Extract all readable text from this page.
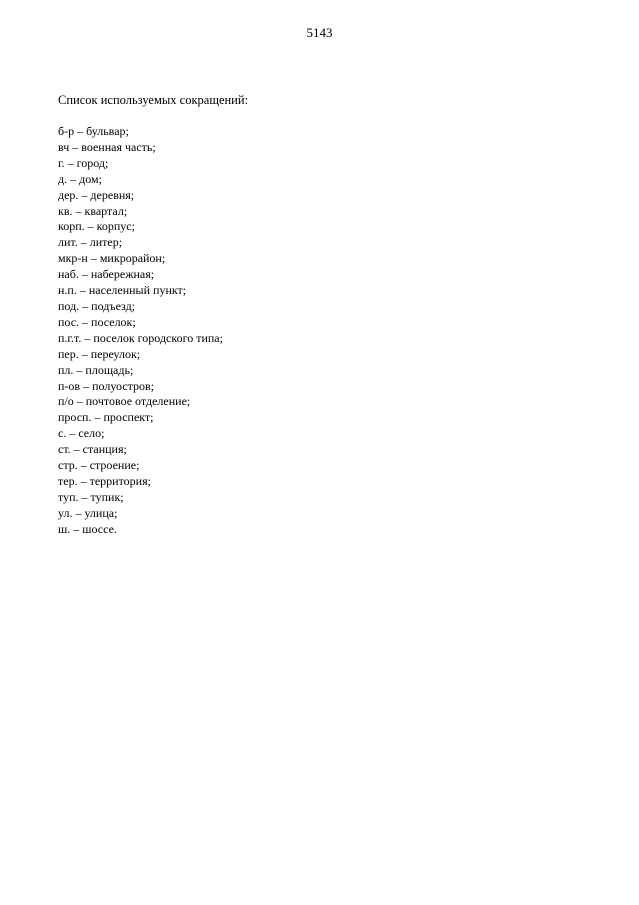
5143
Список используемых сокращений:
б-р – бульвар;
вч – военная часть;
г. – город;
д. – дом;
дер. – деревня;
кв. – квартал;
корп. – корпус;
лит. – литер;
мкр-н – микрорайон;
наб. – набережная;
н.п. – населенный пункт;
под. – подъезд;
пос. – поселок;
п.г.т. – поселок городского типа;
пер. – переулок;
пл. – площадь;
п-ов – полуостров;
п/о – почтовое отделение;
просп. – проспект;
с. – село;
ст. – станция;
стр. – строение;
тер. – территория;
туп. – тупик;
ул. – улица;
ш. – шоссе.
